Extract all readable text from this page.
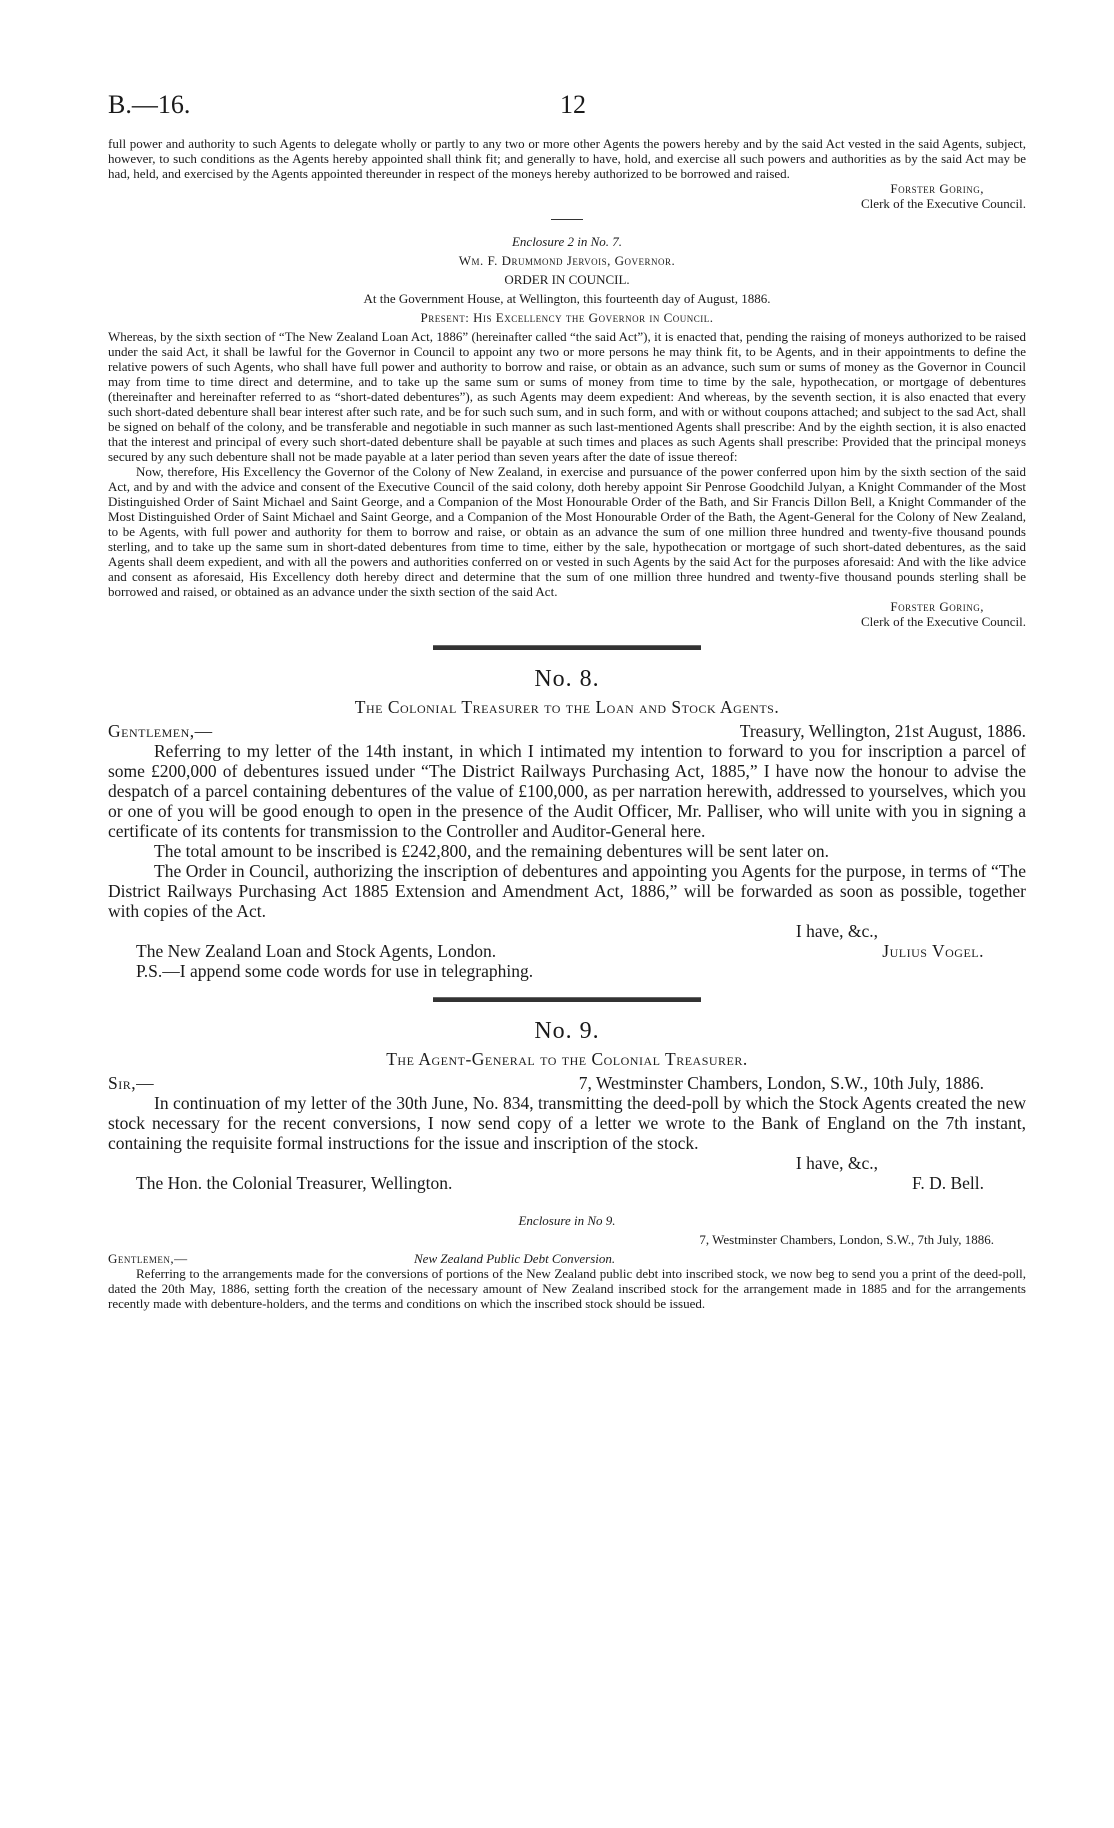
B.—16.	12

full power and authority to such Agents to delegate wholly or partly to any two or more other Agents the powers hereby and by the said Act vested in the said Agents, subject, however, to such conditions as the Agents hereby appointed shall think fit; and generally to have, hold, and exercise all such powers and authorities as by the said Act may be had, held, and exercised by the Agents appointed thereunder in respect of the moneys hereby authorized to be borrowed and raised.

Forster Goring,
Clerk of the Executive Council.
Enclosure 2 in No. 7.
Wm. F. Drummond Jervois, Governor.
ORDER IN COUNCIL.
At the Government House, at Wellington, this fourteenth day of August, 1886.
Present: His Excellency the Governor in Council.

Whereas, by the sixth section of “The New Zealand Loan Act, 1886” (hereinafter called “the said Act”), it is enacted that, pending the raising of moneys authorized to be raised under the said Act, it shall be lawful for the Governor in Council to appoint any two or more persons he may think fit, to be Agents, and in their appointments to define the relative powers of such Agents, who shall have full power and authority to borrow and raise, or obtain as an advance, such sum or sums of money as the Governor in Council may from time to time direct and determine, and to take up the same sum or sums of money from time to time by the sale, hypothecation, or mortgage of debentures (thereinafter and hereinafter referred to as “short-dated debentures”), as such Agents may deem expedient: And whereas, by the seventh section, it is also enacted that every such short-dated debenture shall bear interest after such rate, and be for such such sum, and in such form, and with or without coupons attached; and subject to the sad Act, shall be signed on behalf of the colony, and be transferable and negotiable in such manner as such last-mentioned Agents shall prescribe: And by the eighth section, it is also enacted that the interest and principal of every such short-dated debenture shall be payable at such times and places as such Agents shall prescribe: Provided that the principal moneys secured by any such debenture shall not be made payable at a later period than seven years after the date of issue thereof:

Now, therefore, His Excellency the Governor of the Colony of New Zealand, in exercise and pursuance of the power conferred upon him by the sixth section of the said Act, and by and with the advice and consent of the Executive Council of the said colony, doth hereby appoint Sir Penrose Goodchild Julyan, a Knight Commander of the Most Distinguished Order of Saint Michael and Saint George, and a Companion of the Most Honourable Order of the Bath, and Sir Francis Dillon Bell, a Knight Commander of the Most Distinguished Order of Saint Michael and Saint George, and a Companion of the Most Honourable Order of the Bath, the Agent-General for the Colony of New Zealand, to be Agents, with full power and authority for them to borrow and raise, or obtain as an advance the sum of one million three hundred and twenty-five thousand pounds sterling, and to take up the same sum in short-dated debentures from time to time, either by the sale, hypothecation or mortgage of such short-dated debentures, as the said Agents shall deem expedient, and with all the powers and authorities conferred on or vested in such Agents by the said Act for the purposes aforesaid: And with the like advice and consent as aforesaid, His Excellency doth hereby direct and determine that the sum of one million three hundred and twenty-five thousand pounds sterling shall be borrowed and raised, or obtained as an advance under the sixth section of the said Act.

Forster Goring,
Clerk of the Executive Council.
No. 8.
The Colonial Treasurer to the Loan and Stock Agents.
Gentlemen,—	Treasury, Wellington, 21st August, 1886.

Referring to my letter of the 14th instant, in which I intimated my intention to forward to you for inscription a parcel of some £200,000 of debentures issued under “The District Railways Purchasing Act, 1885,” I have now the honour to advise the despatch of a parcel containing debentures of the value of £100,000, as per narration herewith, addressed to yourselves, which you or one of you will be good enough to open in the presence of the Audit Officer, Mr. Palliser, who will unite with you in signing a certificate of its contents for transmission to the Controller and Auditor-General here.

The total amount to be inscribed is £242,800, and the remaining debentures will be sent later on.

The Order in Council, authorizing the inscription of debentures and appointing you Agents for the purpose, in terms of “The District Railways Purchasing Act 1885 Extension and Amendment Act, 1886,” will be forwarded as soon as possible, together with copies of the Act.

I have, &c.,
The New Zealand Loan and Stock Agents, London.	Julius Vogel.
P.S.—I append some code words for use in telegraphing.
No. 9.
The Agent-General to the Colonial Treasurer.
Sir,—	7, Westminster Chambers, London, S.W., 10th July, 1886.

In continuation of my letter of the 30th June, No. 834, transmitting the deed-poll by which the Stock Agents created the new stock necessary for the recent conversions, I now send copy of a letter we wrote to the Bank of England on the 7th instant, containing the requisite formal instructions for the issue and inscription of the stock.

I have, &c.,
The Hon. the Colonial Treasurer, Wellington.	F. D. Bell.
Enclosure in No 9.
7, Westminster Chambers, London, S.W., 7th July, 1886.
Gentlemen,—	New Zealand Public Debt Conversion.

Referring to the arrangements made for the conversions of portions of the New Zealand public debt into inscribed stock, we now beg to send you a print of the deed-poll, dated the 20th May, 1886, setting forth the creation of the necessary amount of New Zealand inscribed stock for the arrangement made in 1885 and for the arrangements recently made with debenture-holders, and the terms and conditions on which the inscribed stock should be issued.
